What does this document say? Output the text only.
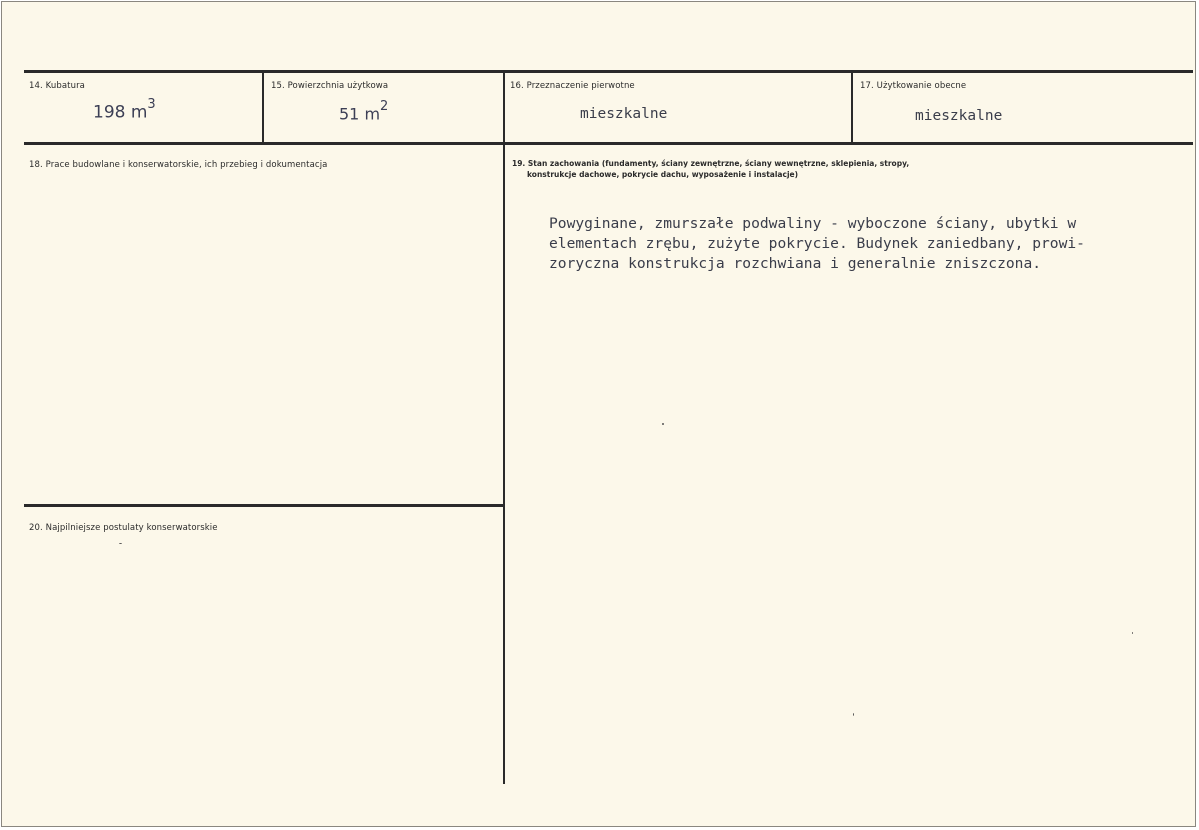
14. Kubatura
198 $m^3$
15. Powierzchnia użytkowa
51 $m^2$
16. Przeznaczenie pierwotne
mieszkalne
17. Użytkowanie obecne
mieszkalne
18. Prace budowlane i konserwatorskie, ich przebieg i dokumentacja	19. Stan zachowania (fundamenty, ściany zewnętrzne, ściany wewnętrzne, sklepienia, stropy,
konstrukcje dachowe, pokrycie dachu, wyposażenie i instalacje)
Powyginane, zmurszałe podwaliny - wyboczone ściany, ubytki w
elementach zrębu, zużyte pokrycie. Budynek zaniedbany, prowi-
zoryczna konstrukcja rozchwiana i generalnie zniszczona.
20. Najpilniejsze postulaty konserwatorskie
